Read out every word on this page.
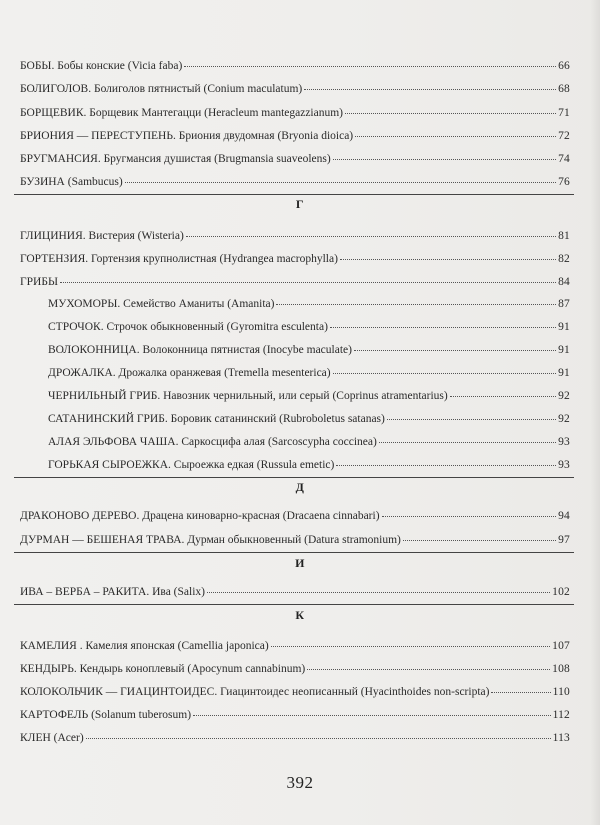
БОБЫ. Бобы конские (Vicia faba)	66
БОЛИГОЛОВ. Болиголов пятнистый (Conium maculatum)	68
БОРЩЕВИК. Борщевик Мантегацци (Heracleum mantegazzianum)	71
БРИОНИЯ — ПЕРЕСТУПЕНЬ. Бриония двудомная (Bryonia dioica)	72
БРУГМАНСИЯ. Бругмансия душистая (Brugmansia suaveolens)	74
БУЗИНА (Sambucus)	76
Г
ГЛИЦИНИЯ. Вистерия (Wisteria)	81
ГОРТЕНЗИЯ. Гортензия крупнолистная (Hydrangea macrophylla)	82
ГРИБЫ	84
МУХОМОРЫ. Семейство Аманиты (Amanita)	87
СТРОЧОК. Строчок обыкновенный (Gyromitra esculenta)	91
ВОЛОКОННИЦА. Волоконница пятнистая (Inocybe maculate)	91
ДРОЖАЛКА. Дрожалка оранжевая (Tremella mesenterica)	91
ЧЕРНИЛЬНЫЙ ГРИБ. Навозник чернильный, или серый (Coprinus atramentarius)	92
САТАНИНСКИЙ ГРИБ. Боровик сатанинский (Rubroboletus satanas)	92
АЛАЯ ЭЛЬФОВА ЧАША. Саркосцифа алая (Sarcoscypha coccinea)	93
ГОРЬКАЯ СЫРОЕЖКА. Сыроежка едкая (Russula emetic)	93
Д
ДРАКОНОВО ДЕРЕВО. Драцена киноварно-красная (Dracaena cinnabari)	94
ДУРМАН — БЕШЕНАЯ ТРАВА. Дурман обыкновенный (Datura stramonium)	97
И
ИВА – ВЕРБА – РАКИТА. Ива (Salix)	102
К
КАМЕЛИЯ . Камелия японская (Camellia japonica)	107
КЕНДЫРЬ. Кендырь коноплевый (Apocynum cannabinum)	108
КОЛОКОЛЬЧИК — ГИАЦИНТОИДЕС. Гиацинтоидес неописанный (Hyacinthoides non-scripta)	110
КАРТОФЕЛЬ (Solanum tuberosum)	112
КЛЕН (Acer)	113
392
